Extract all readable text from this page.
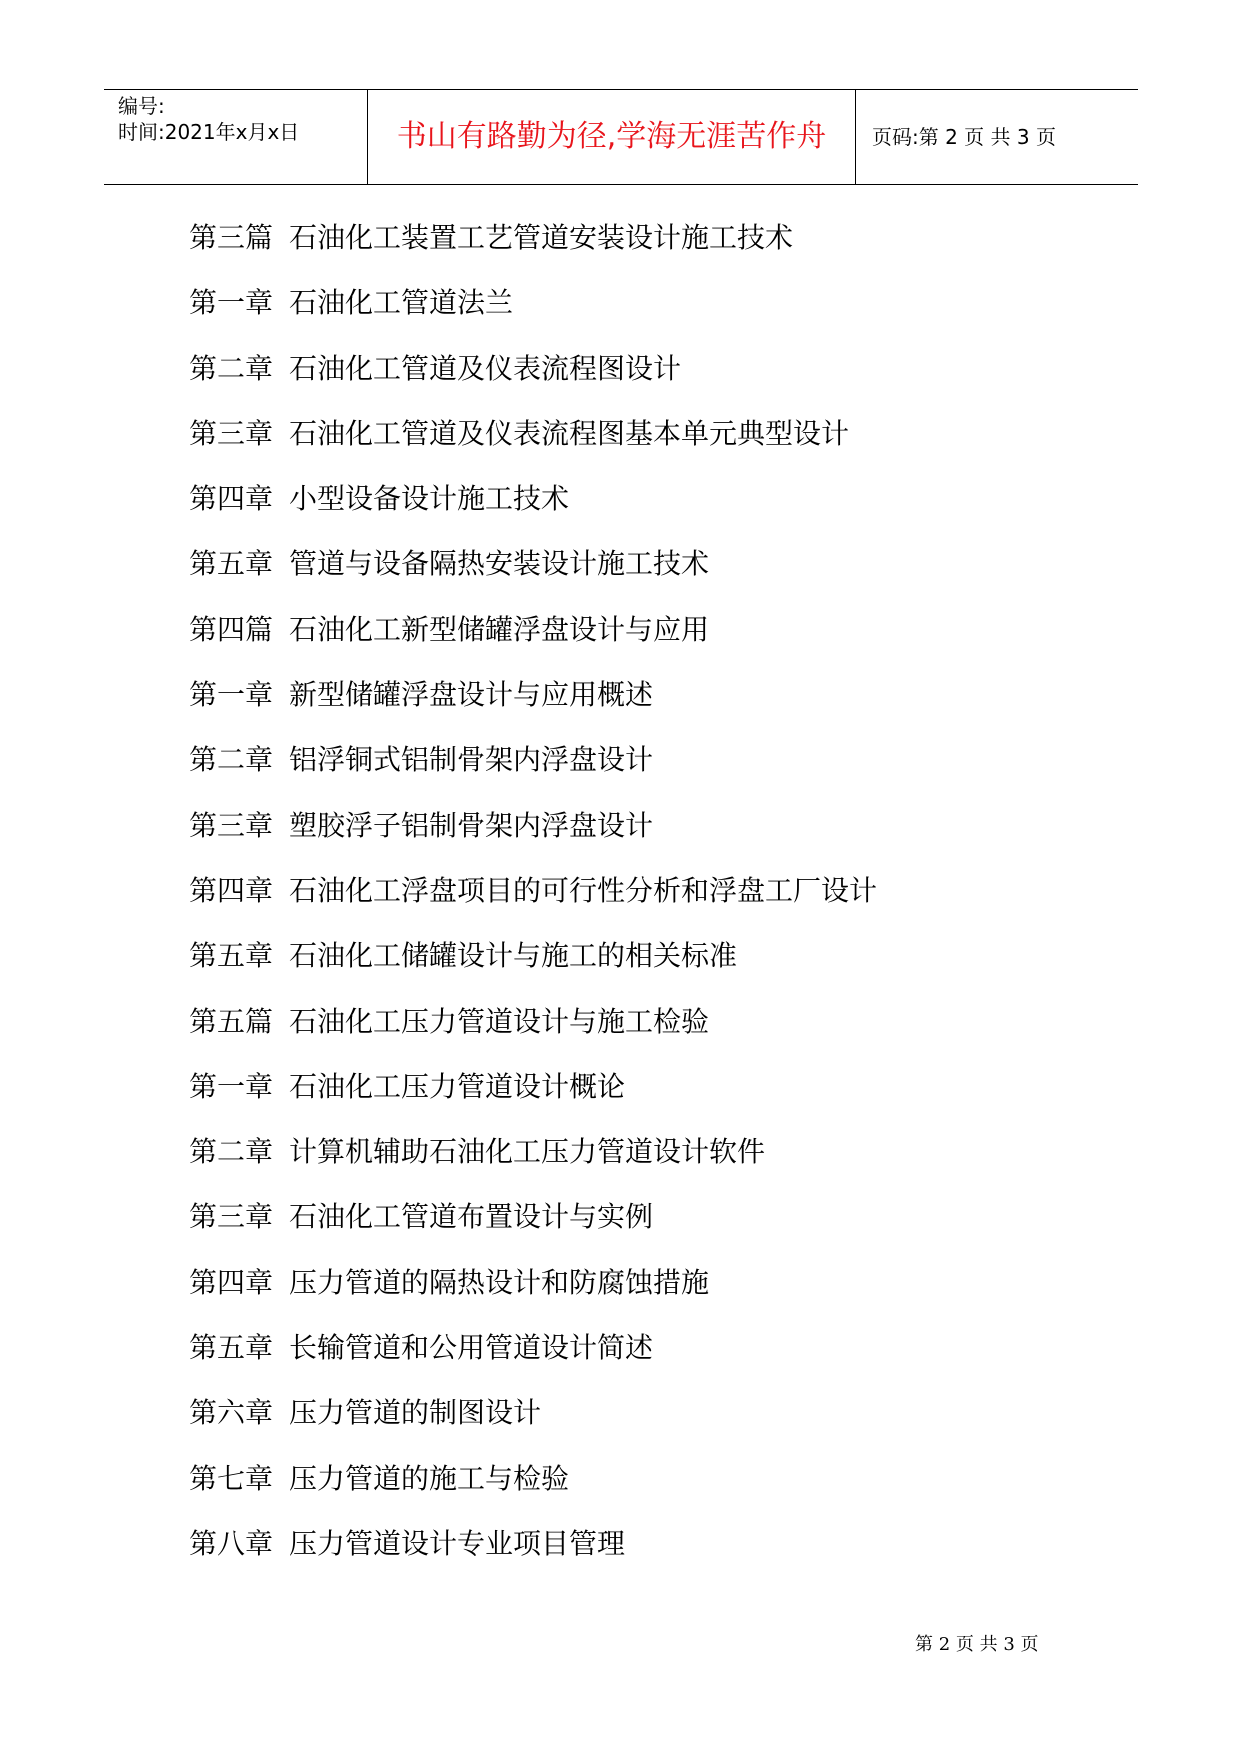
编号:
时间:2021年x月x日	书山有路勤为径,学海无涯苦作舟 页码:第 2 页 共 3 页
第三篇 石油化工装置工艺管道安装设计施工技术
第一章 石油化工管道法兰
第二章 石油化工管道及仪表流程图设计
第三章 石油化工管道及仪表流程图基本单元典型设计
第四章 小型设备设计施工技术
第五章 管道与设备隔热安装设计施工技术
第四篇 石油化工新型储罐浮盘设计与应用
第一章 新型储罐浮盘设计与应用概述
第二章 铝浮铜式铝制骨架内浮盘设计
第三章 塑胶浮子铝制骨架内浮盘设计
第四章 石油化工浮盘项目的可行性分析和浮盘工厂设计
第五章 石油化工储罐设计与施工的相关标准
第五篇 石油化工压力管道设计与施工检验
第一章 石油化工压力管道设计概论
第二章 计算机辅助石油化工压力管道设计软件
第三章 石油化工管道布置设计与实例
第四章 压力管道的隔热设计和防腐蚀措施
第五章 长输管道和公用管道设计简述
第六章 压力管道的制图设计
第七章 压力管道的施工与检验
第八章 压力管道设计专业项目管理
第 2 页 共 3 页
